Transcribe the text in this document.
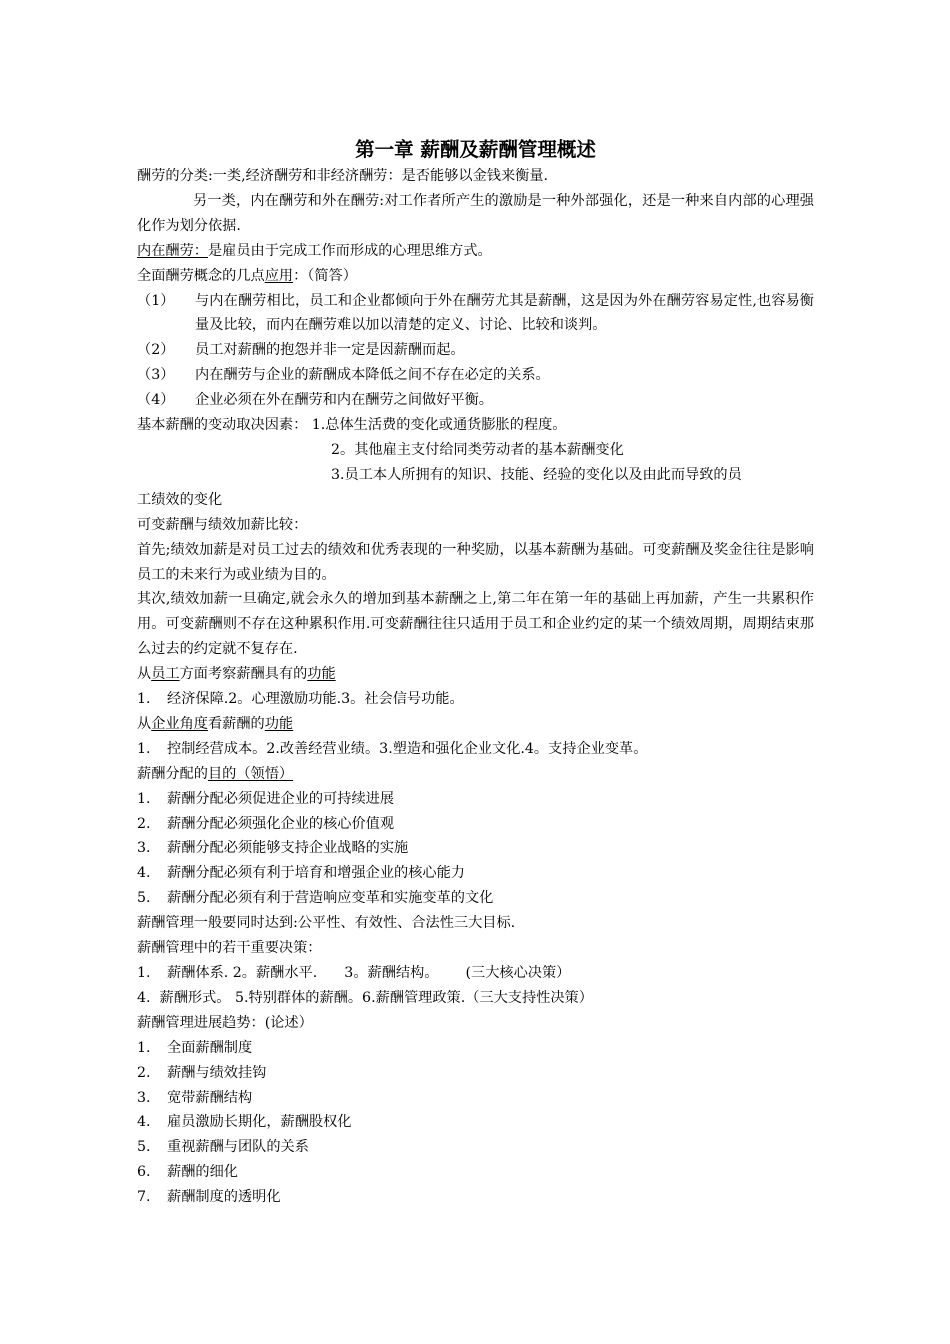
第一章 薪酬及薪酬管理概述
酬劳的分类:一类,经济酬劳和非经济酬劳：是否能够以金钱来衡量.
另一类，内在酬劳和外在酬劳:对工作者所产生的激励是一种外部强化，还是一种来自内部的心理强化作为划分依据.
内在酬劳：是雇员由于完成工作而形成的心理思维方式。
全面酬劳概念的几点应用：（简答）
（1）	与内在酬劳相比，员工和企业都倾向于外在酬劳尤其是薪酬，这是因为外在酬劳容易定性,也容易衡量及比较，而内在酬劳难以加以清楚的定义、讨论、比较和谈判。
（2）	员工对薪酬的抱怨并非一定是因薪酬而起。
（3）	内在酬劳与企业的薪酬成本降低之间不存在必定的关系。
（4）	企业必须在外在酬劳和内在酬劳之间做好平衡。
基本薪酬的变动取决因素： 1.总体生活费的变化或通货膨胀的程度。
2。其他雇主支付给同类劳动者的基本薪酬变化
3.员工本人所拥有的知识、技能、经验的变化以及由此而导致的员
工绩效的变化
可变薪酬与绩效加薪比较：
首先;绩效加薪是对员工过去的绩效和优秀表现的一种奖励，以基本薪酬为基础。可变薪酬及奖金往往是影响员工的未来行为或业绩为目的。
其次,绩效加薪一旦确定,就会永久的增加到基本薪酬之上,第二年在第一年的基础上再加薪，产生一共累积作用。可变薪酬则不存在这种累积作用.可变薪酬往往只适用于员工和企业约定的某一个绩效周期，周期结束那么过去的约定就不复存在.
从员工方面考察薪酬具有的功能
1. 经济保障.2。心理激励功能.3。社会信号功能。
从企业角度看薪酬的功能
1. 控制经营成本。2.改善经营业绩。3.塑造和强化企业文化.4。支持企业变革。
薪酬分配的目的（领悟）
1. 薪酬分配必须促进企业的可持续进展
2. 薪酬分配必须强化企业的核心价值观
3. 薪酬分配必须能够支持企业战略的实施
4. 薪酬分配必须有利于培育和增强企业的核心能力
5. 薪酬分配必须有利于营造响应变革和实施变革的文化
薪酬管理一般要同时达到:公平性、有效性、合法性三大目标.
薪酬管理中的若干重要决策：
1. 薪酬体系. 2。薪酬水平.      3。薪酬结构。      (三大核心决策）
4.  薪酬形式。 5.特别群体的薪酬。6.薪酬管理政策.（三大支持性决策）
薪酬管理进展趋势：(论述）
1. 全面薪酬制度
2. 薪酬与绩效挂钩
3. 宽带薪酬结构
4. 雇员激励长期化，薪酬股权化
5. 重视薪酬与团队的关系
6. 薪酬的细化
7. 薪酬制度的透明化
